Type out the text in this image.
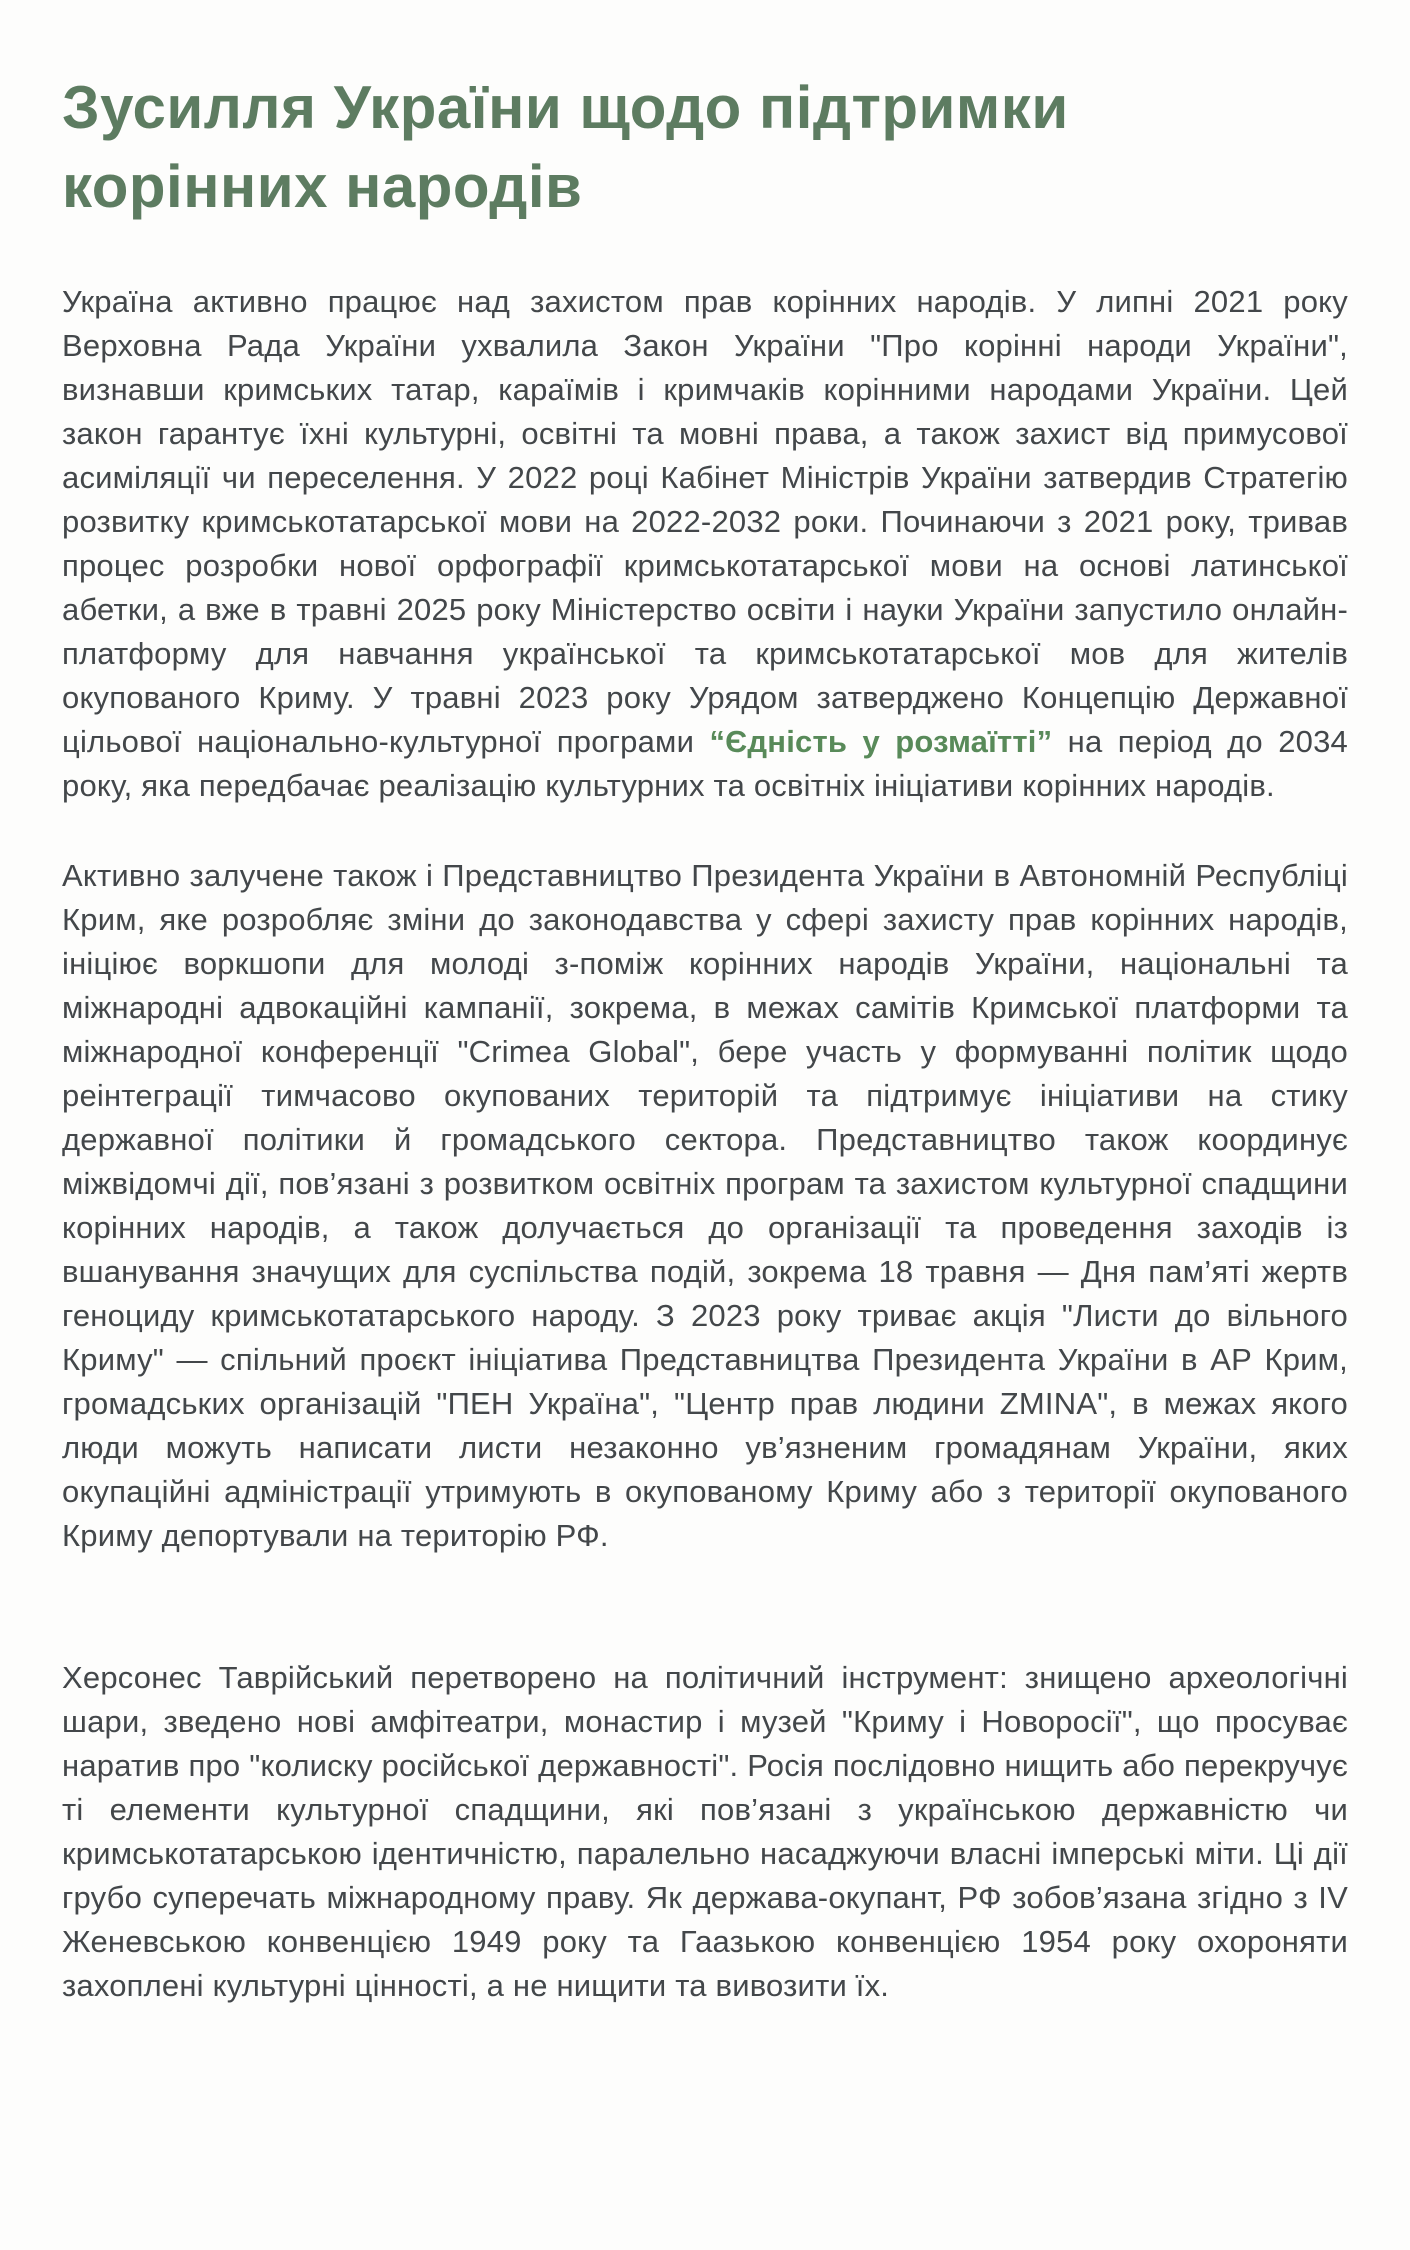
Зусилля України щодо підтримки корінних народів

Україна активно працює над захистом прав корінних народів. У липні 2021 року Верховна Рада України ухвалила Закон України "Про корінні народи України", визнавши кримських татар, караїмів і кримчаків корінними народами України. Цей закон гарантує їхні культурні, освітні та мовні права, а також захист від примусової асиміляції чи переселення. У 2022 році Кабінет Міністрів України затвердив Стратегію розвитку кримськотатарської мови на 2022-2032 роки. Починаючи з 2021 року, тривав процес розробки нової орфографії кримськотатарської мови на основі латинської абетки, а вже в травні 2025 року Міністерство освіти і науки України запустило онлайн-платформу для навчання української та кримськотатарської мов для жителів окупованого Криму. У травні 2023 року Урядом затверджено Концепцію Державної цільової національно-культурної програми “Єдність у розмаїтті” на період до 2034 року, яка передбачає реалізацію культурних та освітніх ініціативи корінних народів.

Активно залучене також і Представництво Президента України в Автономній Республіці Крим, яке розробляє зміни до законодавства у сфері захисту прав корінних народів, ініціює воркшопи для молоді з-поміж корінних народів України, національні та міжнародні адвокаційні кампанії, зокрема, в межах самітів Кримської платформи та міжнародної конференції "Crimea Global", бере участь у формуванні політик щодо реінтеграції тимчасово окупованих територій та підтримує ініціативи на стику державної політики й громадського сектора. Представництво також координує міжвідомчі дії, пов’язані з розвитком освітніх програм та захистом культурної спадщини корінних народів, а також долучається до організації та проведення заходів із вшанування значущих для суспільства подій, зокрема 18 травня — Дня пам’яті жертв геноциду кримськотатарського народу. З 2023 року триває акція "Листи до вільного Криму" — спільний проєкт ініціатива Представництва Президента України в АР Крим, громадських організацій "ПЕН Україна", "Центр прав людини ZMINA", в межах якого люди можуть написати листи незаконно ув’язненим громадянам України, яких окупаційні адміністрації утримують в окупованому Криму або з території окупованого Криму депортували на територію РФ.

Херсонес Таврійський перетворено на політичний інструмент: знищено археологічні шари, зведено нові амфітеатри, монастир і музей "Криму і Новоросії", що просуває наратив про "колиску російської державності". Росія послідовно нищить або перекручує ті елементи культурної спадщини, які пов’язані з українською державністю чи кримськотатарською ідентичністю, паралельно насаджуючи власні імперські міти. Ці дії грубо суперечать міжнародному праву. Як держава-окупант, РФ зобов’язана згідно з IV Женевською конвенцією 1949 року та Гаазькою конвенцією 1954 року охороняти захоплені культурні цінності, а не нищити та вивозити їх.
